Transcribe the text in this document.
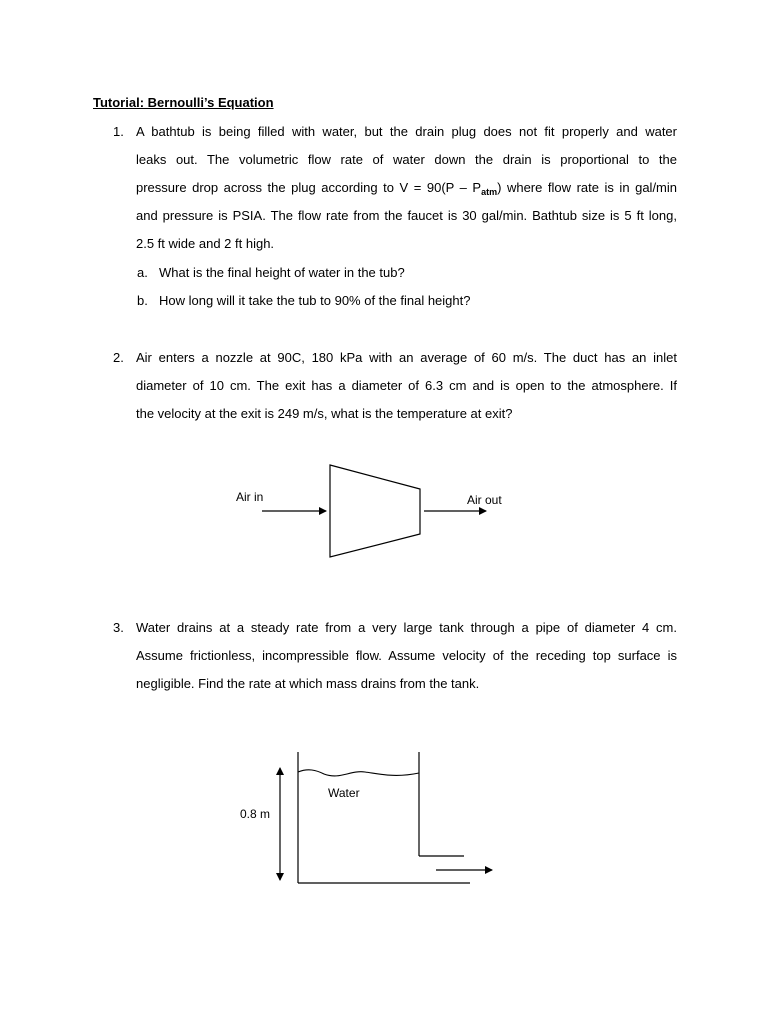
Tutorial: Bernoulli’s Equation
1. A bathtub is being filled with water, but the drain plug does not fit properly and water
leaks out. The volumetric flow rate of water down the drain is proportional to the
pressure drop across the plug according to $V = 90(P - P_{atm})$ where flow rate is in gal/min
and pressure is PSIA. The flow rate from the faucet is 30 gal/min. Bathtub size is 5 ft long,
2.5 ft wide and 2 ft high.
a. What is the final height of water in the tub?
b. How long will it take the tub to 90% of the final height?
2. Air enters a nozzle at 90C, 180 kPa with an average of 60 m/s. The duct has an inlet
diameter of 10 cm. The exit has a diameter of 6.3 cm and is open to the atmosphere. If
the velocity at the exit is 249 m/s, what is the temperature at exit?
3. Water drains at a steady rate from a very large tank through a pipe of diameter 4 cm.
Assume frictionless, incompressible flow. Assume velocity of the receding top surface is
negligible. Find the rate at which mass drains from the tank.
Air in	Air out
0.8 m
Water
